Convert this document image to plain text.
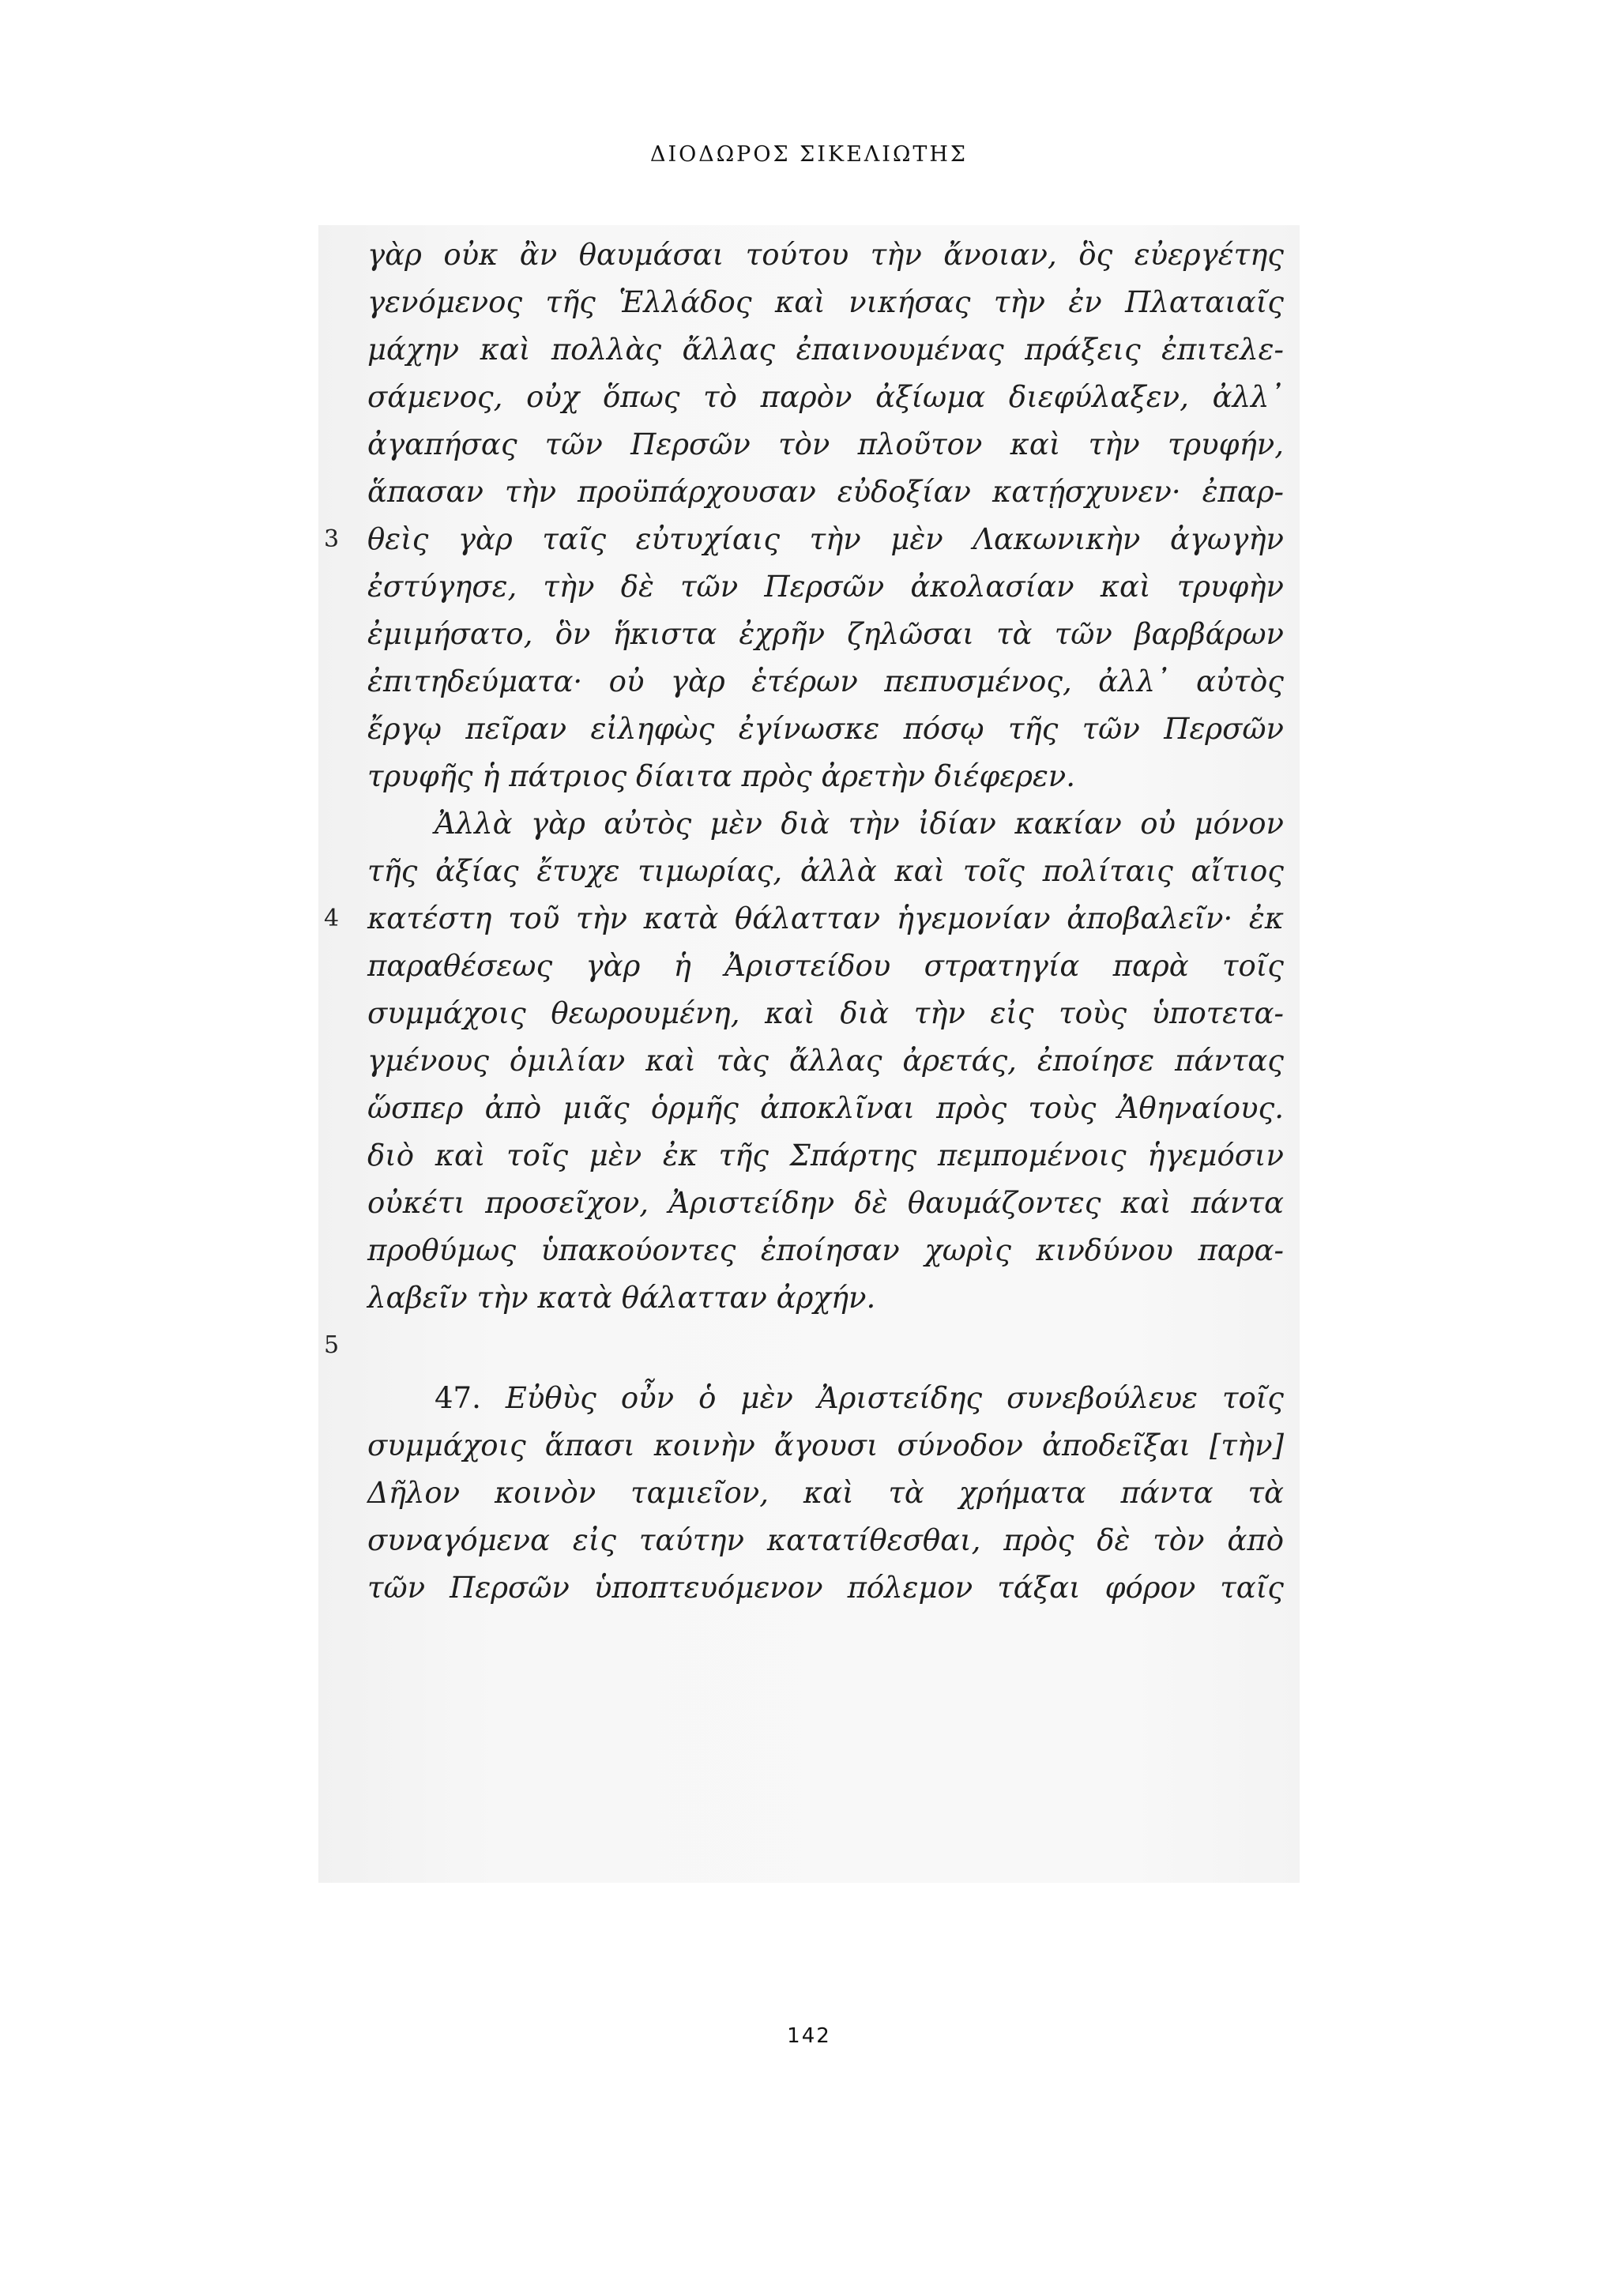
ΔΙΟΔΩΡΟΣ ΣΙΚΕΛΙΩΤΗΣ
3
4
5
γὰρ οὐκ ἂν θαυμάσαι τούτου τὴν ἄνοιαν, ὃς εὐεργέτης
γενόμενος τῆς Ἑλλάδος καὶ νικήσας τὴν ἐν Πλαταιαῖς
μάχην καὶ πολλὰς ἄλλας ἐπαινουμένας πράξεις ἐπιτελε-
σάμενος, οὐχ ὅπως τὸ παρὸν ἀξίωμα διεφύλαξεν, ἀλλ᾽
ἀγαπήσας τῶν Περσῶν τὸν πλοῦτον καὶ τὴν τρυφήν,
ἅπασαν τὴν προϋπάρχουσαν εὐδοξίαν κατῄσχυνεν· ἐπαρ-
θεὶς γὰρ ταῖς εὐτυχίαις τὴν μὲν Λακωνικὴν ἀγωγὴν
ἐστύγησε, τὴν δὲ τῶν Περσῶν ἀκολασίαν καὶ τρυφὴν
ἐμιμήσατο, ὃν ἥκιστα ἐχρῆν ζηλῶσαι τὰ τῶν βαρβάρων
ἐπιτηδεύματα· οὐ γὰρ ἑτέρων πεπυσμένος, ἀλλ᾽ αὐτὸς
ἔργῳ πεῖραν εἰληφὼς ἐγίνωσκε πόσῳ τῆς τῶν Περσῶν
τρυφῆς ἡ πάτριος δίαιτα πρὸς ἀρετὴν διέφερεν.
Ἀλλὰ γὰρ αὐτὸς μὲν διὰ τὴν ἰδίαν κακίαν οὐ μόνον
τῆς ἀξίας ἔτυχε τιμωρίας, ἀλλὰ καὶ τοῖς πολίταις αἴτιος
κατέστη τοῦ τὴν κατὰ θάλατταν ἡγεμονίαν ἀποβαλεῖν· ἐκ
παραθέσεως γὰρ ἡ Ἀριστείδου στρατηγία παρὰ τοῖς
συμμάχοις θεωρουμένη, καὶ διὰ τὴν εἰς τοὺς ὑποτετα-
γμένους ὁμιλίαν καὶ τὰς ἄλλας ἀρετάς, ἐποίησε πάντας
ὥσπερ ἀπὸ μιᾶς ὁρμῆς ἀποκλῖναι πρὸς τοὺς Ἀθηναίους.
διὸ καὶ τοῖς μὲν ἐκ τῆς Σπάρτης πεμπομένοις ἡγεμόσιν
οὐκέτι προσεῖχον, Ἀριστείδην δὲ θαυμάζοντες καὶ πάντα
προθύμως ὑπακούοντες ἐποίησαν χωρὶς κινδύνου παρα-
λαβεῖν τὴν κατὰ θάλατταν ἀρχήν.
47. Εὐθὺς οὖν ὁ μὲν Ἀριστείδης συνεβούλευε τοῖς
συμμάχοις ἅπασι κοινὴν ἄγουσι σύνοδον ἀποδεῖξαι [τὴν]
Δῆλον κοινὸν ταμιεῖον, καὶ τὰ χρήματα πάντα τὰ
συναγόμενα εἰς ταύτην κατατίθεσθαι, πρὸς δὲ τὸν ἀπὸ
τῶν Περσῶν ὑποπτευόμενον πόλεμον τάξαι φόρον ταῖς
142
